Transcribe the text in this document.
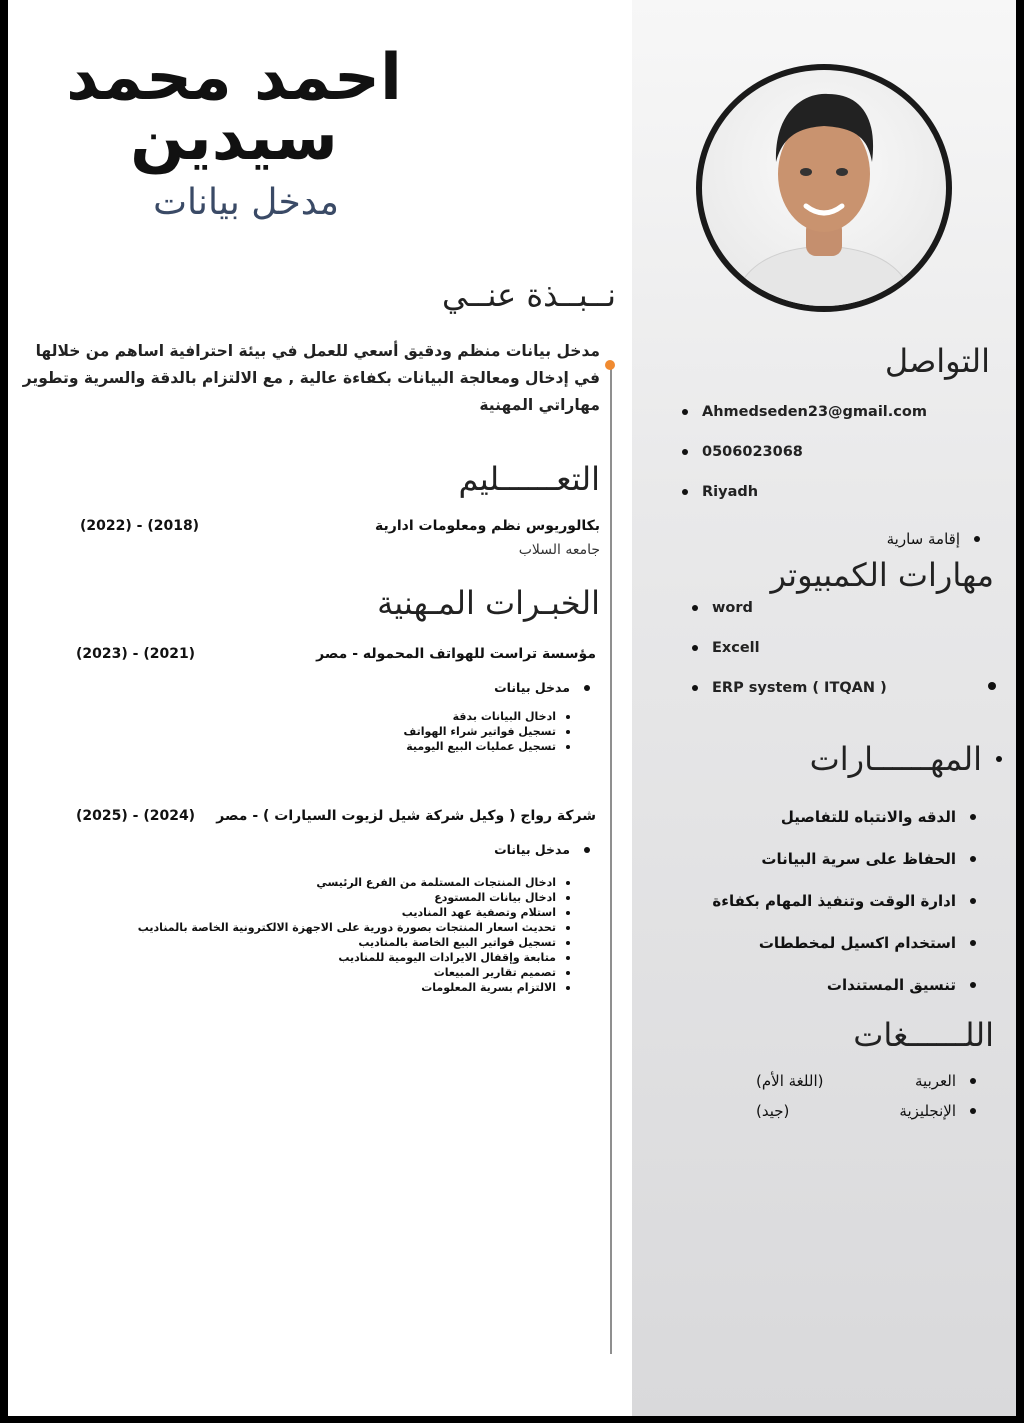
احمد محمد
سيدين
مدخل بيانات
نــبــذة عنــي
مدخل بيانات منظم ودقيق أسعي للعمل في بيئة احترافية اساهم من خلالها في إدخال ومعالجة البيانات بكفاءة عالية , مع الالتزام بالدقة والسرية وتطوير مهاراتي المهنية
التعــــــليم
بكالوريوس نظم ومعلومات ادارية
(2022) - (2018)
جامعه السلاب
الخبـرات المـهنية
مؤسسة تراست للهواتف المحموله - مصر
(2023) - (2021)
مدخل بيانات
ادخال البيانات بدقة
تسجيل فواتير شراء الهواتف
تسجيل عمليات البيع اليومية
شركة رواج ( وكيل شركة شيل لزيوت السيارات ) - مصر
(2025) - (2024)
مدخل بيانات
ادخال المنتجات المستلمة من الفرع الرئيسي
ادخال بيانات المستودع
استلام وتصفية عهد المناديب
تحديث اسعار المنتجات بصورة دورية على الاجهزة الالكترونية الخاصة بالمناديب
تسجيل فواتير البيع الخاصة بالمناديب
متابعة وإقفال الايرادات اليومية للمناديب
تصميم تقارير المبيعات
الالتزام بسرية المعلومات
التواصل
Ahmedseden23@gmail.com
0506023068
Riyadh
إقامة سارية
مهارات الكمبيوتر
word
Excell
ERP system ( ITQAN )
المهــــــارات
الدقه والانتباه للتفاصيل
الحفاظ على سرية البيانات
ادارة الوقت وتنفيذ المهام بكفاءة
استخدام اكسيل لمخططات
تنسيق المستندات
اللــــــغات
العربية
(اللغة الأم)
الإنجليزية
(جيد)
